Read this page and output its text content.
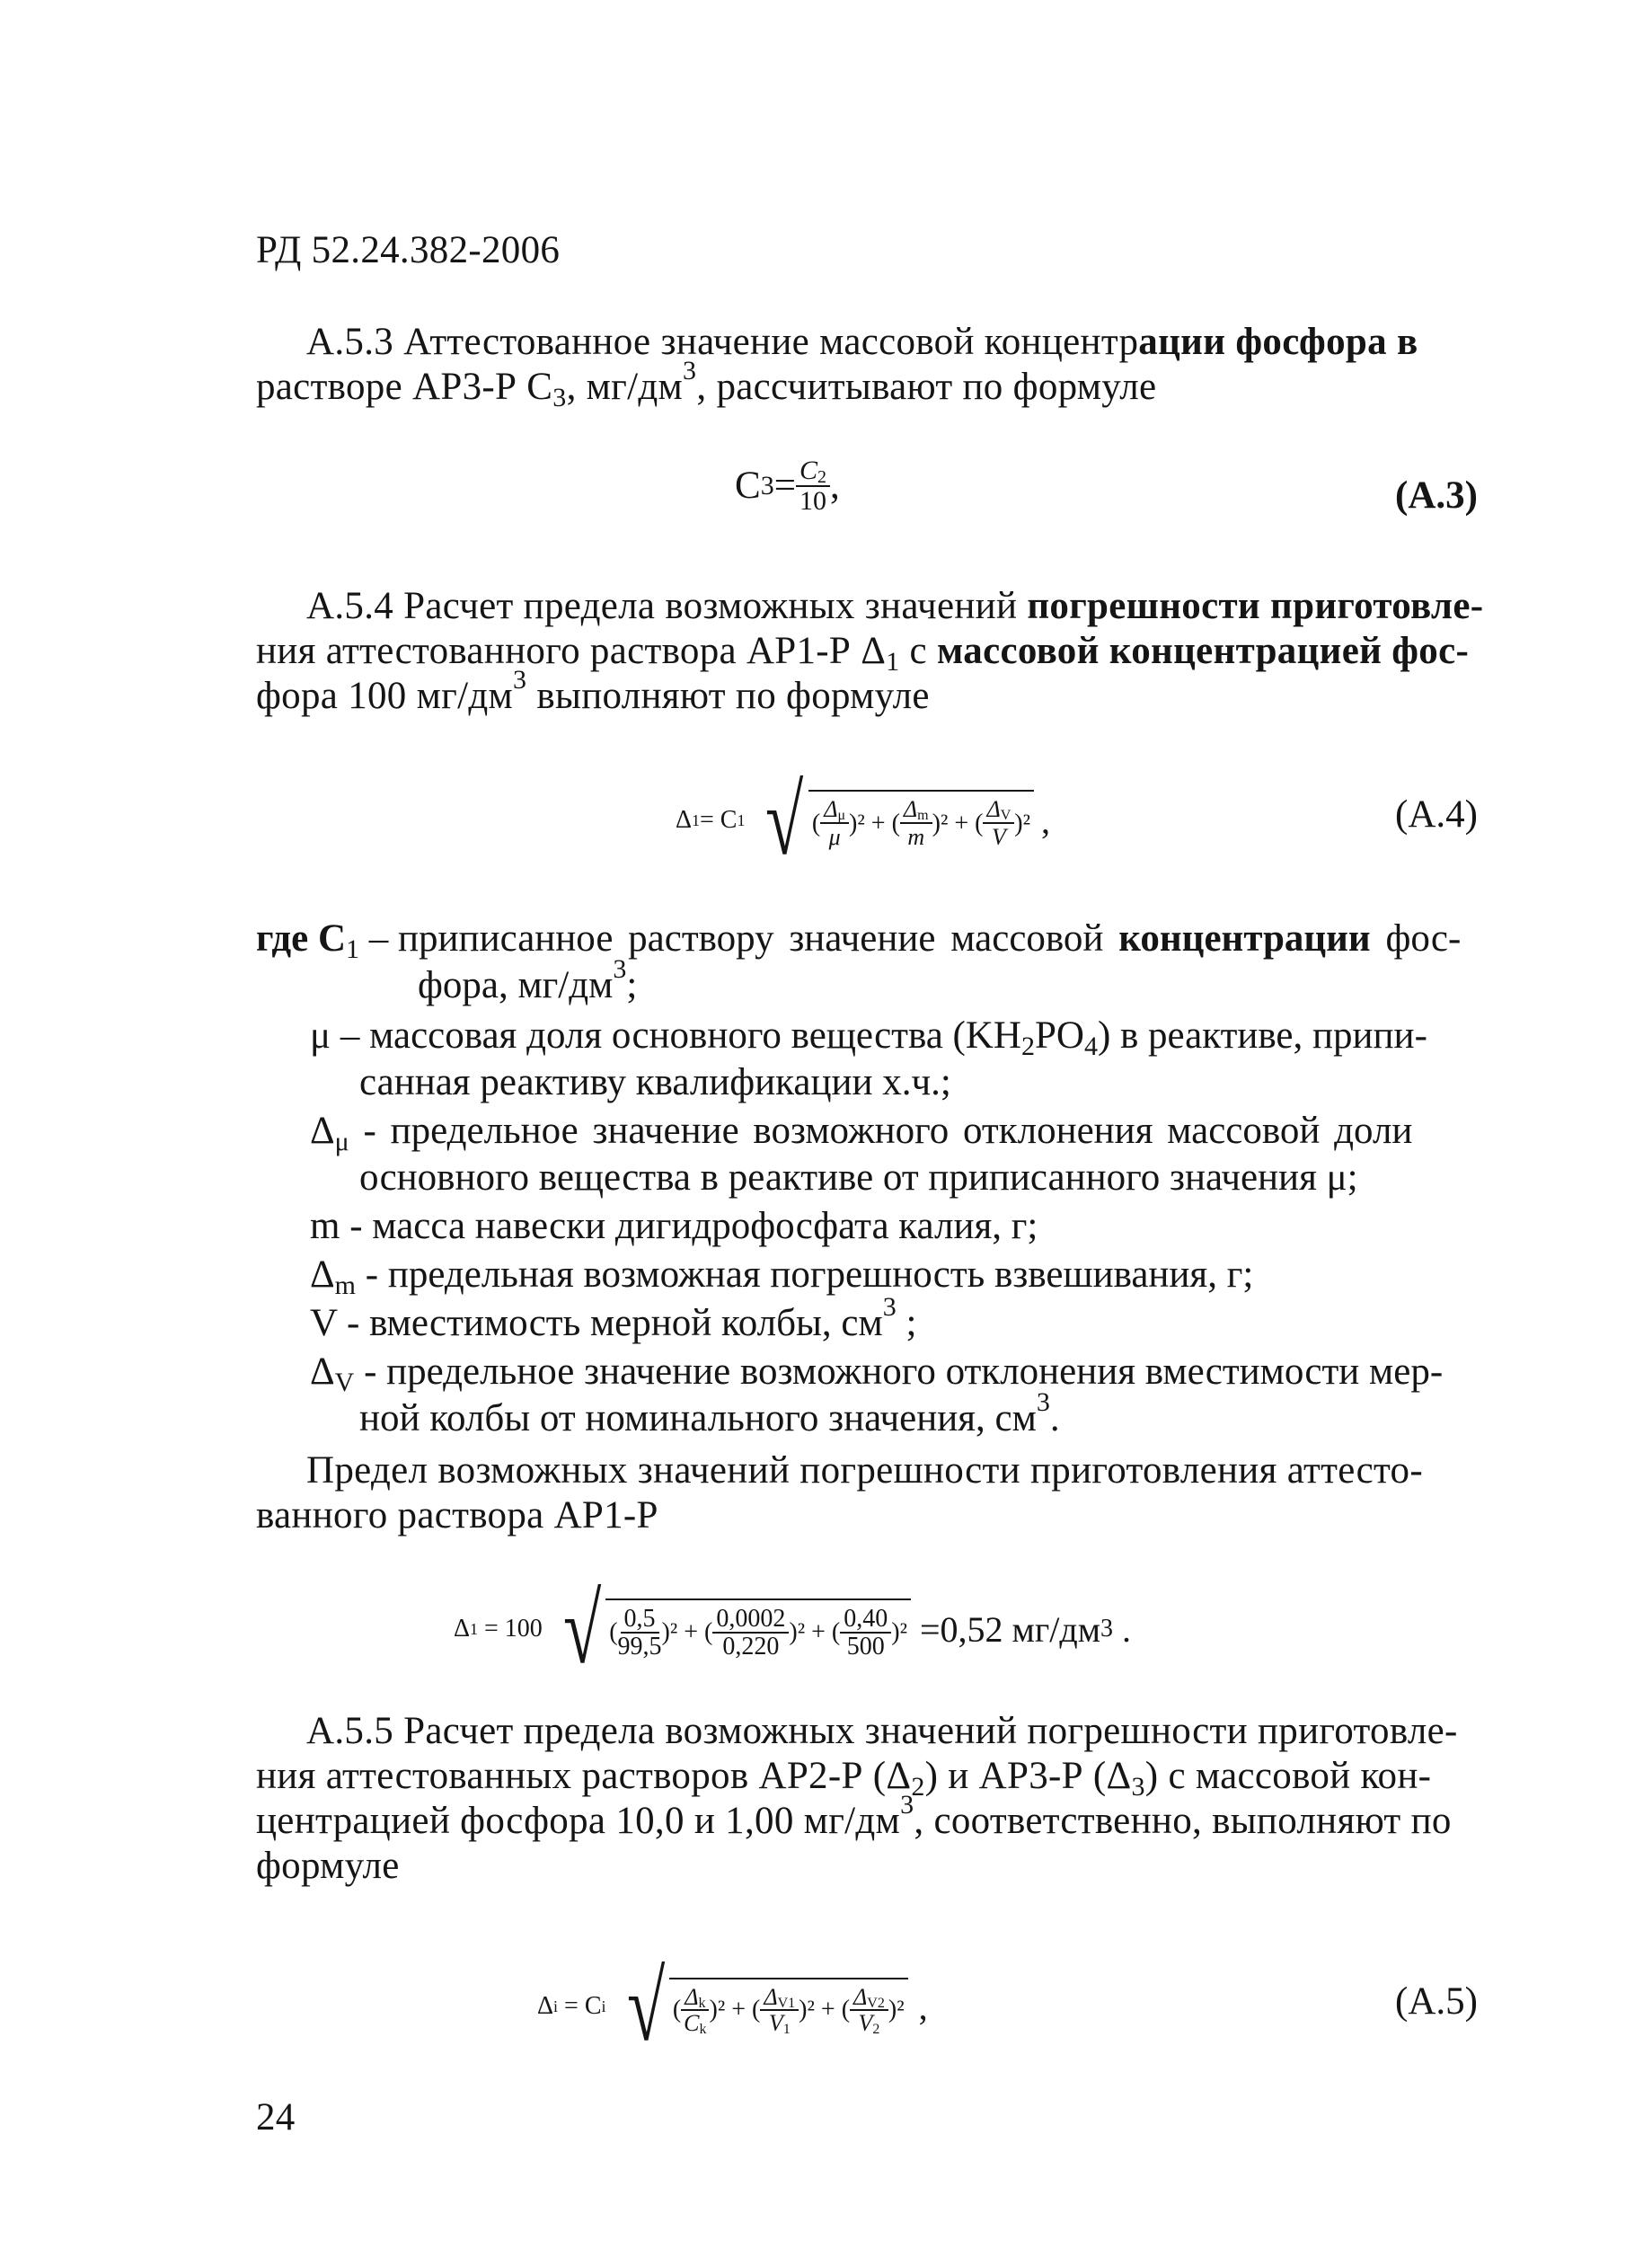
РД 52.24.382-2006
А.5.3 Аттестованное значение массовой концентрации фосфора в
растворе АР3-Р $С_3$, $мг/дм^3$, рассчитывают по формуле
С $3 = \frac{С_2}{10}$ ,	(А.3)
А.5.4 Расчет предела возможных значений погрешности приготовле-
ния аттестованного раствора АР1-Р $\Delta_1$ с массовой концентрацией фос-
фора 100 $мг/дм^3$ выполняют по формуле
Δ 1 = C 1 √ ( $\frac{\Delta_\mu}{\mu}$ ) ² + ( $\frac{\Delta_m}{m}$ ) ² + ( $\frac{\Delta_V}{V}$ ) ² ,	(А.4)
где $С_1$ – приписанное раствору значение массовой концентрации фос-
фора, $мг/дм^3$;
μ – массовая доля основного вещества $(KH_2PO_4)$ в реактиве, припи-
санная реактиву квалификации х.ч.;
$\Delta_\mu$ - предельное значение возможного отклонения массовой доли
основного вещества в реактиве от приписанного значения μ;
m - масса навески дигидрофосфата калия, г;
$\Delta_m$ - предельная возможная погрешность взвешивания, г;
V - вместимость мерной колбы, $см^3$ ;
$\Delta_V$ - предельное значение возможного отклонения вместимости мер-
ной колбы от номинального значения, $см^3$.
Предел возможных значений погрешности приготовления аттесто-
ванного раствора АР1-Р
Δ 1 = 100 √ ( $\frac{0,5}{99,5}$ ) ² + ( $\frac{0,0002}{0,220}$ ) ² + ( $\frac{0,40}{500}$ ) ² =0,52 мг/дм 3 .
А.5.5 Расчет предела возможных значений погрешности приготовле-
ния аттестованных растворов АР2-Р $(\Delta_2)$ и АР3-Р $(\Delta_3)$ с массовой кон-
центрацией фосфора 10,0 и 1,00 $мг/дм^3$, соответственно, выполняют по
формуле
Δ i = C i √ ( $\frac{\Delta_k}{C_k}$ ) ² + ( $\frac{\Delta_{V1}}{V_1}$ ) ² + ( $\frac{\Delta_{V2}}{V_2}$ ) ² ,	(А.5)
24
